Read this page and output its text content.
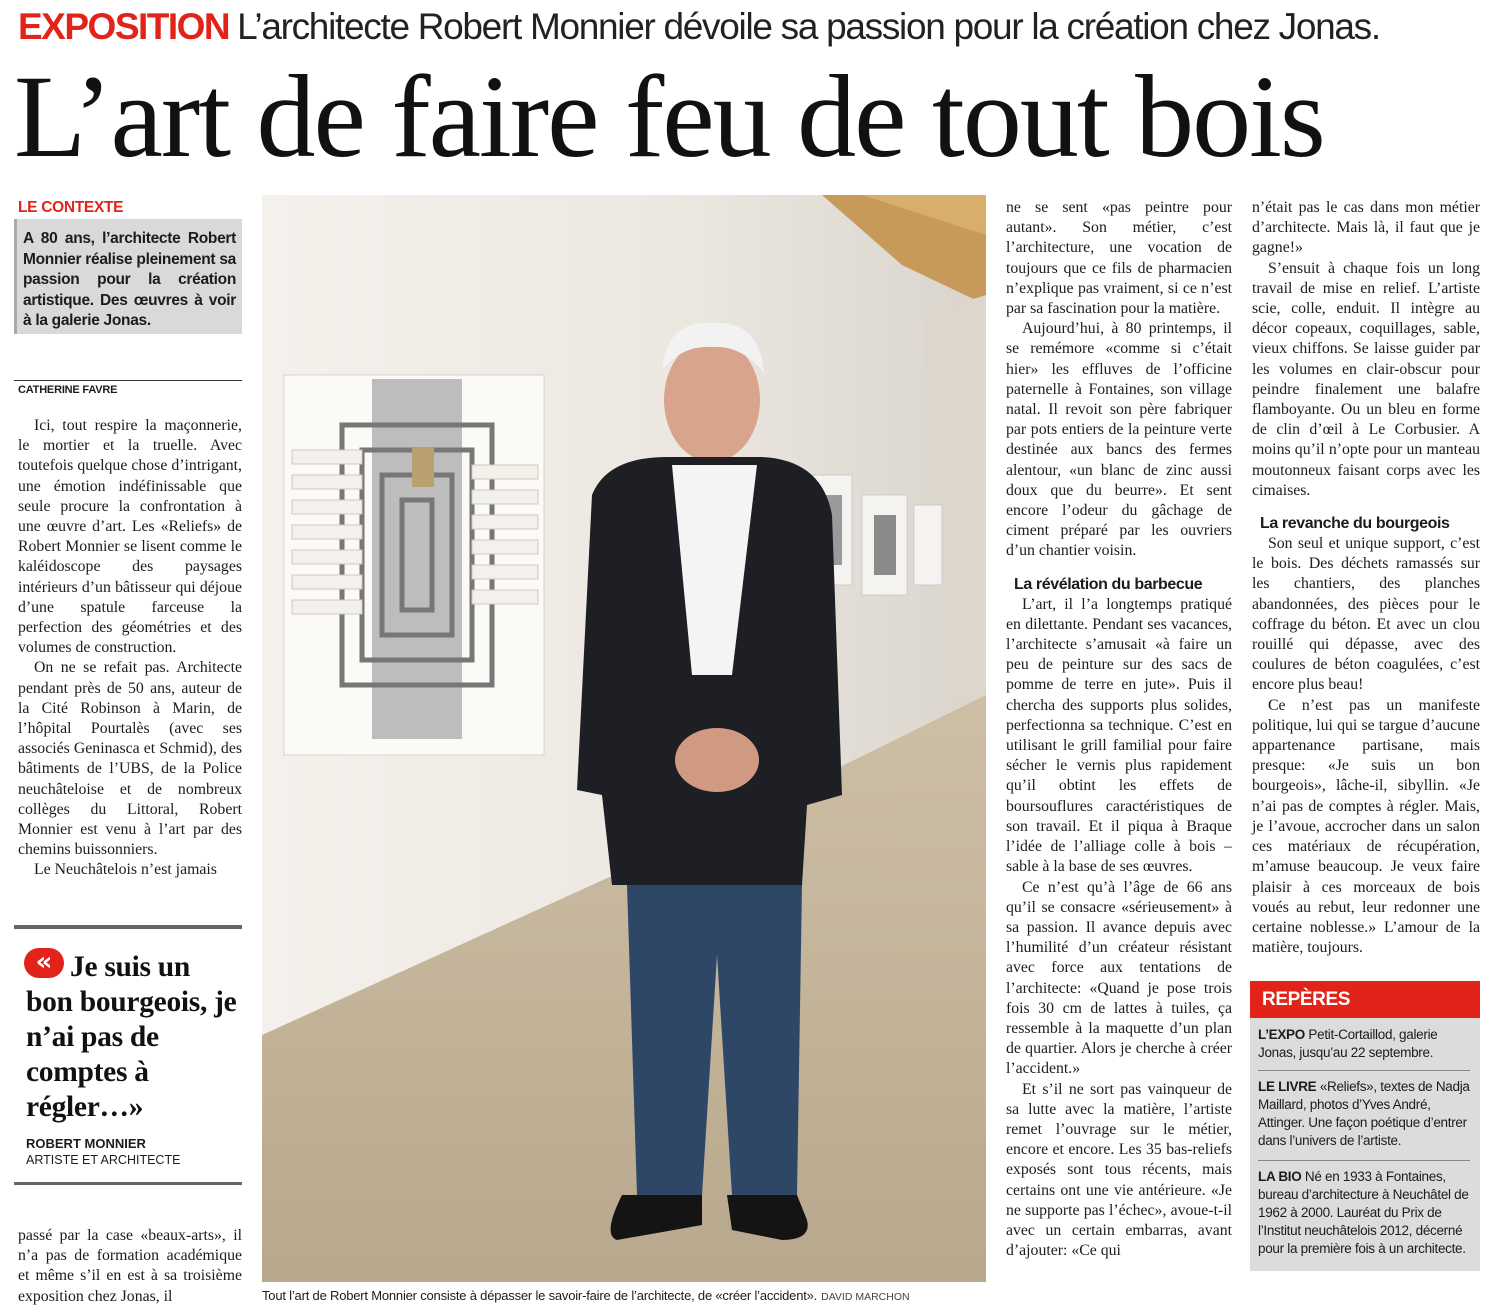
EXPOSITION L’architecte Robert Monnier dévoile sa passion pour la création chez Jonas.
L’art de faire feu de tout bois
LE CONTEXTE

A 80 ans, l’architecte Robert Monnier réalise pleinement sa passion pour la création artistique. Des œuvres à voir à la galerie Jonas.

CATHERINE FAVRE

Ici, tout respire la maçonnerie, le mortier et la truelle. Avec toutefois quelque chose d’intrigant, une émotion indéfinissable que seule procure la confrontation à une œuvre d’art. Les «Reliefs» de Robert Monnier se lisent comme le kaléidoscope des paysages intérieurs d’un bâtisseur qui déjoue d’une spatule farceuse la perfection des géométries et des volumes de construction.

On ne se refait pas. Architecte pendant près de 50 ans, auteur de la Cité Robinson à Marin, de l’hôpital Pourtalès (avec ses associés Geninasca et Schmid), des bâtiments de l’UBS, de la Police neuchâteloise et de nombreux collèges du Littoral, Robert Monnier est venu à l’art par des chemins buissonniers.

Le Neuchâtelois n’est jamais

« Je suis un bon bourgeois, je n’ai pas de comptes à régler…»
ROBERT MONNIER
ARTISTE ET ARCHITECTE

passé par la case «beaux-arts», il n’a pas de formation académique et même s’il en est à sa troisième exposition chez Jonas, il	Tout l’art de Robert Monnier consiste à dépasser le savoir-faire de l’architecte, de «créer l’accident». DAVID MARCHON

ne se sent «pas peintre pour autant». Son métier, c’est l’architecture, une vocation de toujours que ce fils de pharmacien n’explique pas vraiment, si ce n’est par sa fascination pour la matière.

Aujourd’hui, à 80 printemps, il se remémore «comme si c’était hier» les effluves de l’officine paternelle à Fontaines, son village natal. Il revoit son père fabriquer par pots entiers de la peinture verte destinée aux bancs des fermes alentour, «un blanc de zinc aussi doux que du beurre». Et sent encore l’odeur du gâchage de ciment préparé par les ouvriers d’un chantier voisin.

La révélation du barbecue

L’art, il l’a longtemps pratiqué en dilettante. Pendant ses vacances, l’architecte s’amusait «à faire un peu de peinture sur des sacs de pomme de terre en jute». Puis il chercha des supports plus solides, perfectionna sa technique. C’est en utilisant le grill familial pour faire sécher le vernis plus rapidement qu’il obtint les effets de boursouflures caractéristiques de son travail. Et il piqua à Braque l’idée de l’alliage colle à bois – sable à la base de ses œuvres.

Ce n’est qu’à l’âge de 66 ans qu’il se consacre «sérieusement» à sa passion. Il avance depuis avec l’humilité d’un créateur résistant avec force aux tentations de l’architecte: «Quand je pose trois fois 30 cm de lattes à tuiles, ça ressemble à la maquette d’un plan de quartier. Alors je cherche à créer l’accident.»

Et s’il ne sort pas vainqueur de sa lutte avec la matière, l’artiste remet l’ouvrage sur le métier, encore et encore. Les 35 bas-reliefs exposés sont tous récents, mais certains ont une vie antérieure. «Je ne supporte pas l’échec», avoue-t-il avec un certain embarras, avant d’ajouter: «Ce qui

n’était pas le cas dans mon métier d’architecte. Mais là, il faut que je gagne!»

S’ensuit à chaque fois un long travail de mise en relief. L’artiste scie, colle, enduit. Il intègre au décor copeaux, coquillages, sable, vieux chiffons. Se laisse guider par les volumes en clair-obscur pour peindre finalement une balafre flamboyante. Ou un bleu en forme de clin d’œil à Le Corbusier. A moins qu’il n’opte pour un manteau moutonneux faisant corps avec les cimaises.

La revanche du bourgeois

Son seul et unique support, c’est le bois. Des déchets ramassés sur les chantiers, des planches abandonnées, des pièces pour le coffrage du béton. Et avec un clou rouillé qui dépasse, avec des coulures de béton coagulées, c’est encore plus beau!

Ce n’est pas un manifeste politique, lui qui se targue d’aucune appartenance partisane, mais presque: «Je suis un bon bourgeois», lâche-il, sibyllin. «Je n’ai pas de comptes à régler. Mais, je l’avoue, accrocher dans un salon ces matériaux de récupération, m’amuse beaucoup. Je veux faire plaisir à ces morceaux de bois voués au rebut, leur redonner une certaine noblesse.» L’amour de la matière, toujours.

REPÈRES
L’EXPO Petit-Cortaillod, galerie Jonas, jusqu’au 22 septembre.
LE LIVRE «Reliefs», textes de Nadja Maillard, photos d’Yves André, Attinger. Une façon poétique d’entrer dans l’univers de l’artiste.
LA BIO Né en 1933 à Fontaines, bureau d’architecture à Neuchâtel de 1962 à 2000. Lauréat du Prix de l’Institut neuchâtelois 2012, décerné pour la première fois à un architecte.
